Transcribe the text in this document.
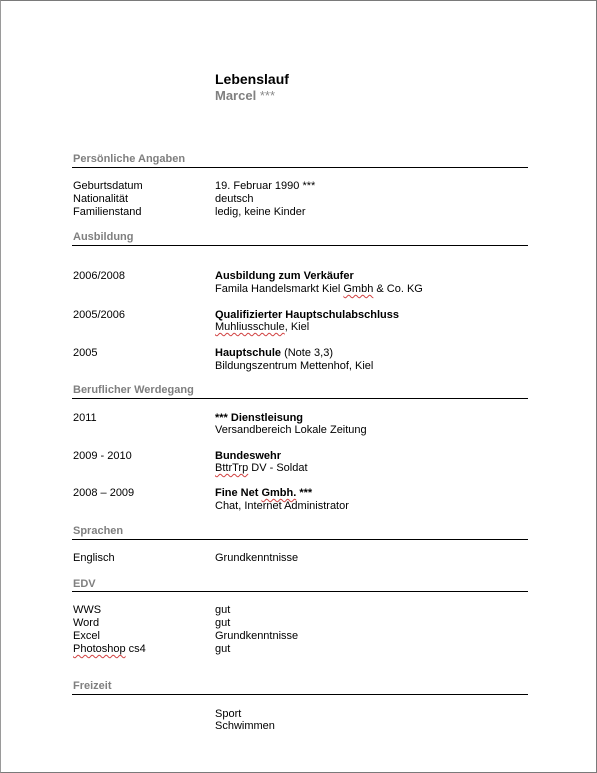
Lebenslauf
Marcel ***
Persönliche Angaben
Geburtsdatum	19. Februar 1990 ***
Nationalität	deutsch
Familienstand	ledig, keine Kinder
Ausbildung
2006/2008	Ausbildung zum Verkäufer
Famila Handelsmarkt Kiel Gmbh & Co. KG
2005/2006	Qualifizierter Hauptschulabschluss
Muhliusschule, Kiel
2005	Hauptschule (Note 3,3)
Bildungszentrum Mettenhof, Kiel
Beruflicher Werdegang
2011	*** Dienstleisung
Versandbereich Lokale Zeitung
2009 - 2010	Bundeswehr
BttrTrp DV - Soldat
2008 – 2009	Fine Net Gmbh. ***
Chat, Internet Administrator
Sprachen
Englisch	Grundkenntnisse
EDV
WWS	gut
Word	gut
Excel	Grundkenntnisse
Photoshop cs4	gut
Freizeit
Sport
Schwimmen
